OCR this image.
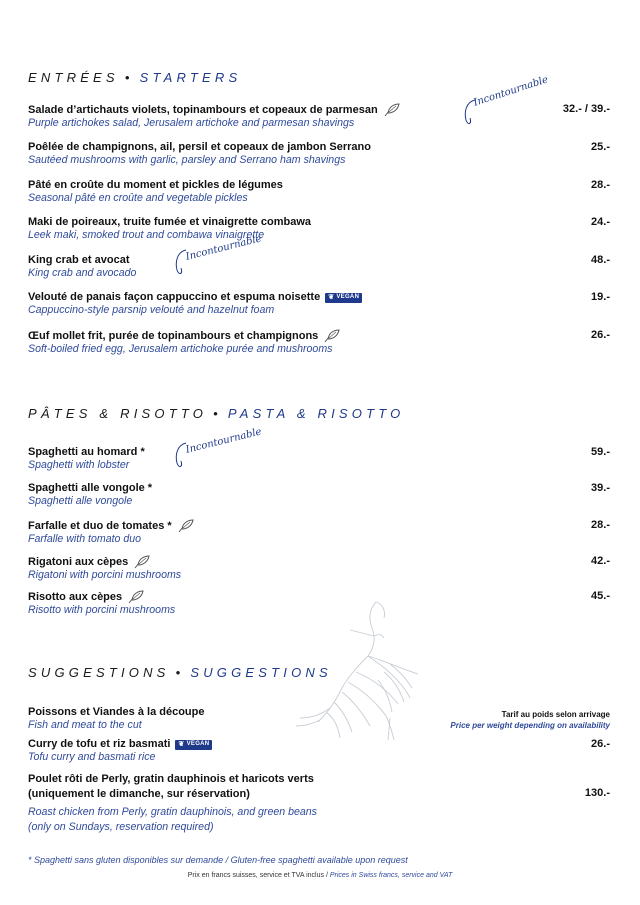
ENTRÉES • STARTERS
Salade d’artichauts violets, topinambours et copeaux de parmesan
Purple artichokes salad, Jerusalem artichoke and parmesan shavings
32.- / 39.-
Incontournable
Poêlée de champignons, ail, persil et copeaux de jambon Serrano
Sautéed mushrooms with garlic, parsley and Serrano ham shavings
25.-
Pâté en croûte du moment et pickles de légumes
Seasonal pâté en croûte and vegetable pickles
28.-
Maki de poireaux, truite fumée et vinaigrette combawa
Leek maki, smoked trout and combawa vinaigrette
24.-
King crab et avocat
King crab and avocado
48.-
Incontournable
Velouté de panais façon cappuccino et espuma noisette ❦ VEGAN
Cappuccino-style parsnip velouté and hazelnut foam
19.-
Œuf mollet frit, purée de topinambours et champignons
Soft-boiled fried egg, Jerusalem artichoke purée and mushrooms
26.-
PÂTES & RISOTTO • PASTA & RISOTTO
Spaghetti au homard *
Spaghetti with lobster
59.-
Incontournable
Spaghetti alle vongole *
Spaghetti alle vongole
39.-
Farfalle et duo de tomates *
Farfalle with tomato duo
28.-
Rigatoni aux cèpes
Rigatoni with porcini mushrooms
42.-
Risotto aux cèpes
Risotto with porcini mushrooms
45.-
SUGGESTIONS • SUGGESTIONS
Poissons et Viandes à la découpe
Fish and meat to the cut
Tarif au poids selon arrivage
Price per weight depending on availability
Curry de tofu et riz basmati ❦ VEGAN
Tofu curry and basmati rice
26.-
Poulet rôti de Perly, gratin dauphinois et haricots verts
(uniquement le dimanche, sur réservation)
Roast chicken from Perly, gratin dauphinois, and green beans
(only on Sundays, reservation required)
130.-
* Spaghetti sans gluten disponibles sur demande / Gluten-free spaghetti available upon request
Prix en francs suisses, service et TVA inclus / Prices in Swiss francs, service and VAT
